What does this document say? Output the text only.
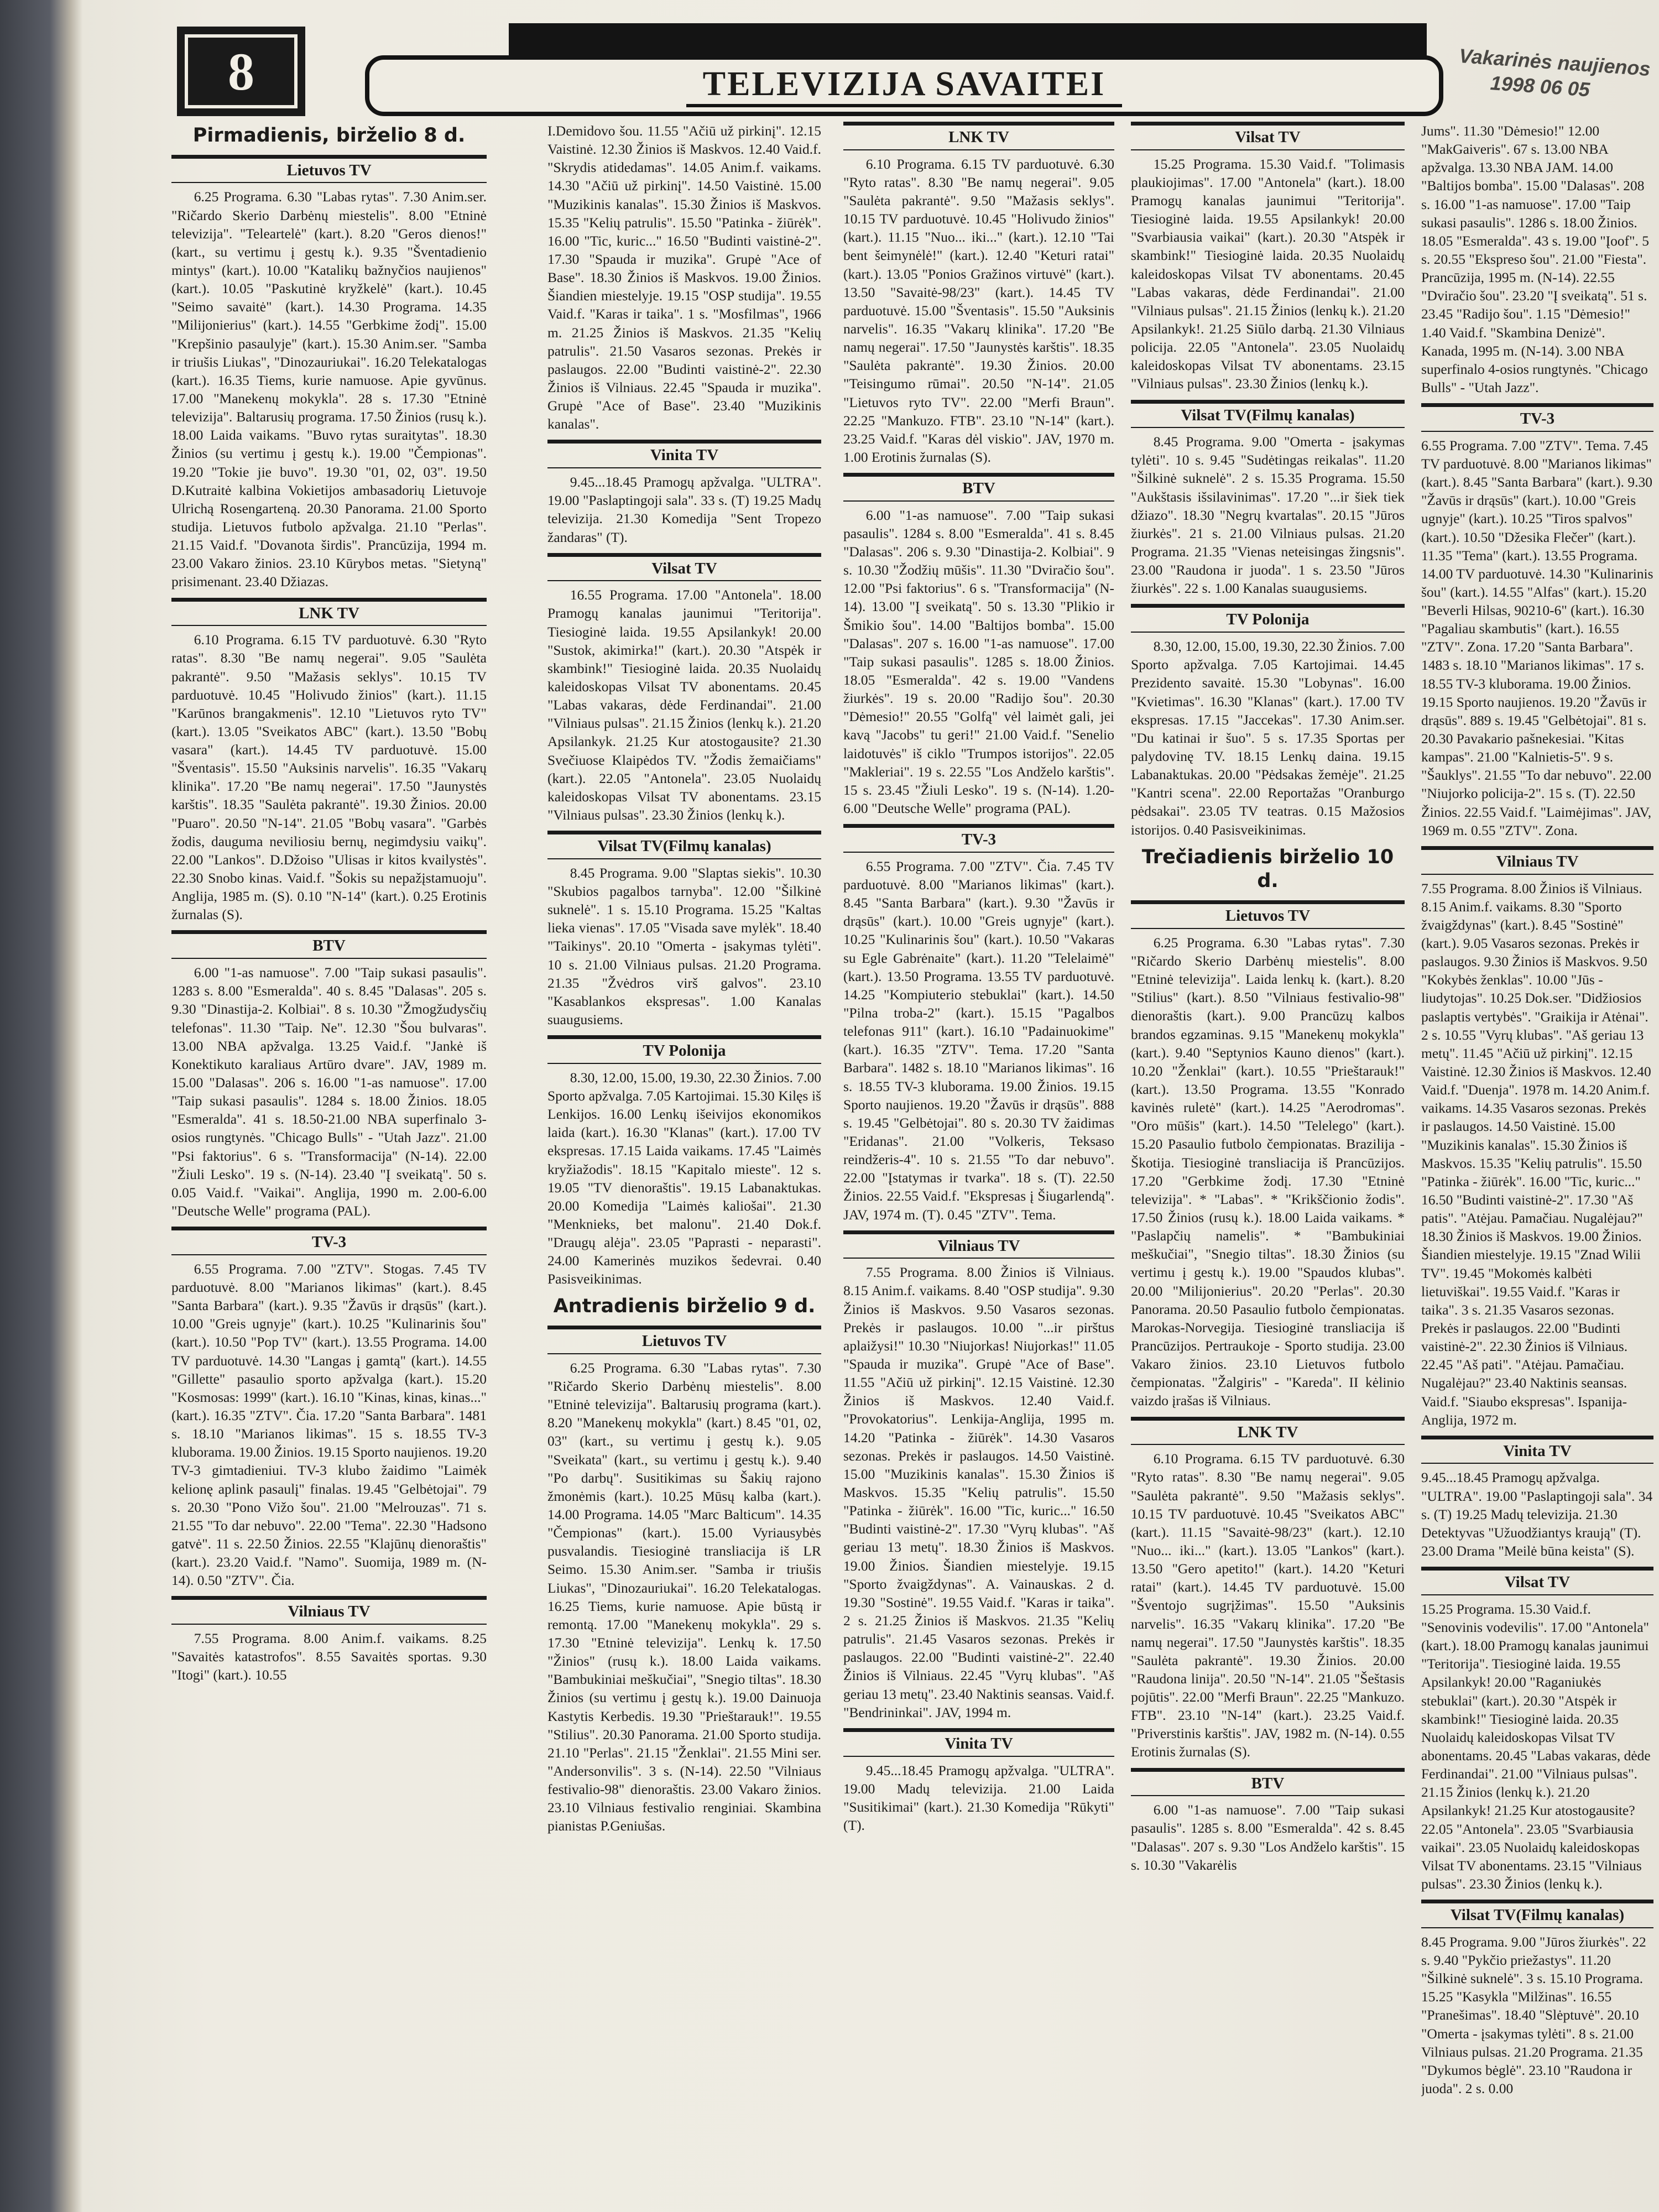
8	TELEVIZIJA SAVAITEI
Vakarinės naujienos
1998 06 05
Pirmadienis, birželio 8 d.
Lietuvos TV

6.25 Programa. 6.30 "Labas rytas". 7.30 Anim.ser. "Ričardo Skerio Darbėnų miestelis". 8.00 "Etninė televizija". "Teleartelė" (kart.). 8.20 "Geros dienos!" (kart., su vertimu į gestų k.). 9.35 "Šventadienio mintys" (kart.). 10.00 "Katalikų bažnyčios naujienos" (kart.). 10.05 "Paskutinė kryžkelė" (kart.). 10.45 "Seimo savaitė" (kart.). 14.30 Programa. 14.35 "Milijonierius" (kart.). 14.55 "Gerbkime žodį". 15.00 "Krepšinio pasaulyje" (kart.). 15.30 Anim.ser. "Samba ir triušis Liukas", "Dinozauriukai". 16.20 Telekatalogas (kart.). 16.35 Tiems, kurie namuose. Apie gyvūnus. 17.00 "Manekenų mokykla". 28 s. 17.30 "Etninė televizija". Baltarusių programa. 17.50 Žinios (rusų k.). 18.00 Laida vaikams. "Buvo rytas suraitytas". 18.30 Žinios (su vertimu į gestų k.). 19.00 "Čempionas". 19.20 "Tokie jie buvo". 19.30 "01, 02, 03". 19.50 D.Kutraitė kalbina Vokietijos ambasadorių Lietuvoje Ulrichą Rosengarteną. 20.30 Panorama. 21.00 Sporto studija. Lietuvos futbolo apžvalga. 21.10 "Perlas". 21.15 Vaid.f. "Dovanota širdis". Prancūzija, 1994 m. 23.00 Vakaro žinios. 23.10 Kūrybos metas. "Sietyną" prisimenant. 23.40 Džiazas.

LNK TV

6.10 Programa. 6.15 TV parduotuvė. 6.30 "Ryto ratas". 8.30 "Be namų negerai". 9.05 "Saulėta pakrantė". 9.50 "Mažasis seklys". 10.15 TV parduotuvė. 10.45 "Holivudo žinios" (kart.). 11.15 "Karūnos brangakmenis". 12.10 "Lietuvos ryto TV" (kart.). 13.05 "Sveikatos ABC" (kart.). 13.50 "Bobų vasara" (kart.). 14.45 TV parduotuvė. 15.00 "Šventasis". 15.50 "Auksinis narvelis". 16.35 "Vakarų klinika". 17.20 "Be namų negerai". 17.50 "Jaunystės karštis". 18.35 "Saulėta pakrantė". 19.30 Žinios. 20.00 "Puaro". 20.50 "N-14". 21.05 "Bobų vasara". "Garbės žodis, dauguma neviliosiu bernų, negimdysiu vaikų". 22.00 "Lankos". D.Džoiso "Ulisas ir kitos kvailystės". 22.30 Snobo kinas. Vaid.f. "Šokis su nepažįstamuoju". Anglija, 1985 m. (S). 0.10 "N-14" (kart.). 0.25 Erotinis žurnalas (S).

BTV

6.00 "1-as namuose". 7.00 "Taip sukasi pasaulis". 1283 s. 8.00 "Esmeralda". 40 s. 8.45 "Dalasas". 205 s. 9.30 "Dinastija-2. Kolbiai". 8 s. 10.30 "Žmogžudysčių telefonas". 11.30 "Taip. Ne". 12.30 "Šou bulvaras". 13.00 NBA apžvalga. 13.25 Vaid.f. "Jankė iš Konektikuto karaliaus Artūro dvare". JAV, 1989 m. 15.00 "Dalasas". 206 s. 16.00 "1-as namuose". 17.00 "Taip sukasi pasaulis". 1284 s. 18.00 Žinios. 18.05 "Esmeralda". 41 s. 18.50-21.00 NBA superfinalo 3-osios rungtynės. "Chicago Bulls" - "Utah Jazz". 21.00 "Psi faktorius". 6 s. "Transformacija" (N-14). 22.00 "Žiuli Lesko". 19 s. (N-14). 23.40 "Į sveikatą". 50 s. 0.05 Vaid.f. "Vaikai". Anglija, 1990 m. 2.00-6.00 "Deutsche Welle" programa (PAL).

TV-3

6.55 Programa. 7.00 "ZTV". Stogas. 7.45 TV parduotuvė. 8.00 "Marianos likimas" (kart.). 8.45 "Santa Barbara" (kart.). 9.35 "Žavūs ir drąsūs" (kart.). 10.00 "Greis ugnyje" (kart.). 10.25 "Kulinarinis šou" (kart.). 10.50 "Pop TV" (kart.). 13.55 Programa. 14.00 TV parduotuvė. 14.30 "Langas į gamtą" (kart.). 14.55 "Gillette" pasaulio sporto apžvalga (kart.). 15.20 "Kosmosas: 1999" (kart.). 16.10 "Kinas, kinas, kinas..." (kart.). 16.35 "ZTV". Čia. 17.20 "Santa Barbara". 1481 s. 18.10 "Marianos likimas". 15 s. 18.55 TV-3 kluboramа. 19.00 Žinios. 19.15 Sporto naujienos. 19.20 TV-3 gimtadieniui. TV-3 klubo žaidimo "Laimėk kelionę aplink pasaulį" finalas. 19.45 "Gelbėtojai". 79 s. 20.30 "Pono Vižo šou". 21.00 "Melrouzas". 71 s. 21.55 "To dar nebuvo". 22.00 "Tema". 22.30 "Hadsono gatvė". 11 s. 22.50 Žinios. 22.55 "Klajūnų dienoraštis" (kart.). 23.20 Vaid.f. "Namo". Suomija, 1989 m. (N-14). 0.50 "ZTV". Čia.

Vilniaus TV

7.55 Programa. 8.00 Anim.f. vaikams. 8.25 "Savaitės katastrofos". 8.55 Savaitės sportas. 9.30 "Itogi" (kart.). 10.55

I.Demidovo šou. 11.55 "Ačiū už pirkinį". 12.15 Vaistinė. 12.30 Žinios iš Maskvos. 12.40 Vaid.f. "Skrydis atidedamas". 14.05 Anim.f. vaikams. 14.30 "Ačiū už pirkinį". 14.50 Vaistinė. 15.00 "Muzikinis kanalas". 15.30 Žinios iš Maskvos. 15.35 "Kelių patrulis". 15.50 "Patinka - žiūrėk". 16.00 "Tic, kuric..." 16.50 "Budinti vaistinė-2". 17.30 "Spauda ir muzika". Grupė "Ace of Base". 18.30 Žinios iš Maskvos. 19.00 Žinios. Šiandien miestelyje. 19.15 "OSP studija". 19.55 Vaid.f. "Karas ir taika". 1 s. "Mosfilmas", 1966 m. 21.25 Žinios iš Maskvos. 21.35 "Kelių patrulis". 21.50 Vasaros sezonas. Prekės ir paslaugos. 22.00 "Budinti vaistinė-2". 22.30 Žinios iš Vilniaus. 22.45 "Spauda ir muzika". Grupė "Ace of Base". 23.40 "Muzikinis kanalas".

Vinita TV

9.45...18.45 Pramogų apžvalga. "ULTRA". 19.00 "Paslaptingoji sala". 33 s. (T) 19.25 Madų televizija. 21.30 Komedija "Sent Tropezo žandaras" (T).

Vilsat TV

16.55 Programa. 17.00 "Antonela". 18.00 Pramogų kanalas jaunimui "Teritorija". Tiesioginė laida. 19.55 Apsilankyk! 20.00 "Sustok, akimirka!" (kart.). 20.30 "Atspėk ir skambink!" Tiesioginė laida. 20.35 Nuolaidų kaleidoskopas Vilsat TV abonentams. 20.45 "Labas vakaras, dėde Ferdinandai". 21.00 "Vilniaus pulsas". 21.15 Žinios (lenkų k.). 21.20 Apsilankyk. 21.25 Kur atostogausite? 21.30 Svečiuose Klaipėdos TV. "Žodis žemaičiams" (kart.). 22.05 "Antonela". 23.05 Nuolaidų kaleidoskopas Vilsat TV abonentams. 23.15 "Vilniaus pulsas". 23.30 Žinios (lenkų k.).

Vilsat TV(Filmų kanalas)

8.45 Programa. 9.00 "Slaptas siekis". 10.30 "Skubios pagalbos tarnyba". 12.00 "Šilkinė suknelė". 1 s. 15.10 Programa. 15.25 "Kaltas lieka vienas". 17.05 "Visada save mylėk". 18.40 "Taikinys". 20.10 "Omerta - įsakymas tylėti". 10 s. 21.00 Vilniaus pulsas. 21.20 Programa. 21.35 "Žvėdros virš galvos". 23.10 "Kasablankos ekspresas". 1.00 Kanalas suaugusiems.

TV Polonija

8.30, 12.00, 15.00, 19.30, 22.30 Žinios. 7.00 Sporto apžvalga. 7.05 Kartojimai. 15.30 Kilęs iš Lenkijos. 16.00 Lenkų išeivijos ekonomikos laida (kart.). 16.30 "Klanas" (kart.). 17.00 TV ekspresas. 17.15 Laida vaikams. 17.45 "Laimės kryžiažodis". 18.15 "Kapitalo mieste". 12 s. 19.05 "TV dienoraštis". 19.15 Labanaktukas. 20.00 Komedija "Laimės kaliošai". 21.30 "Menknieks, bet malonu". 21.40 Dok.f. "Draugų alėja". 23.05 "Paprasti - neparasti". 24.00 Kamerinės muzikos šedevrai. 0.40 Pasisveikinimas.

Antradienis birželio 9 d.
Lietuvos TV

6.25 Programa. 6.30 "Labas rytas". 7.30 "Ričardo Skerio Darbėnų miestelis". 8.00 "Etninė televizija". Baltarusių programa (kart.). 8.20 "Manekenų mokykla" (kart.) 8.45 "01, 02, 03" (kart., su vertimu į gestų k.). 9.05 "Sveikata" (kart., su vertimu į gestų k.). 9.40 "Po darbų". Susitikimas su Šakių rajono žmonėmis (kart.). 10.25 Mūsų kalba (kart.). 14.00 Programa. 14.05 "Marc Balticum". 14.35 "Čempionas" (kart.). 15.00 Vyriausybės pusvalandis. Tiesioginė transliacija iš LR Seimo. 15.30 Anim.ser. "Samba ir triušis Liukas", "Dinozauriukai". 16.20 Telekatalogas. 16.25 Tiems, kurie namuose. Apie būstą ir remontą. 17.00 "Manekenų mokykla". 29 s. 17.30 "Etninė televizija". Lenkų k. 17.50 "Žinios" (rusų k.). 18.00 Laida vaikams. "Bambukiniai meškučiai", "Snegio tiltas". 18.30 Žinios (su vertimu į gestų k.). 19.00 Dainuoja Kastytis Kerbedis. 19.30 "Prieštarauk!". 19.55 "Stilius". 20.30 Panorama. 21.00 Sporto studija. 21.10 "Perlas". 21.15 "Ženklai". 21.55 Mini ser. "Andersonvilis". 3 s. (N-14). 22.50 "Vilniaus festivalio-98" dienoraštis. 23.00 Vakaro žinios. 23.10 Vilniaus festivalio renginiai. Skambina pianistas P.Geniušas.

LNK TV

6.10 Programa. 6.15 TV parduotuvė. 6.30 "Ryto ratas". 8.30 "Be namų negerai". 9.05 "Saulėta pakrantė". 9.50 "Mažasis seklys". 10.15 TV parduotuvė. 10.45 "Holivudo žinios" (kart.). 11.15 "Nuo... iki..." (kart.). 12.10 "Tai bent šeimynėlė!" (kart.). 12.40 "Keturi ratai" (kart.). 13.05 "Ponios Gražinos virtuvė" (kart.). 13.50 "Savaitė-98/23" (kart.). 14.45 TV parduotuvė. 15.00 "Šventasis". 15.50 "Auksinis narvelis". 16.35 "Vakarų klinika". 17.20 "Be namų negerai". 17.50 "Jaunystės karštis". 18.35 "Saulėta pakrantė". 19.30 Žinios. 20.00 "Teisingumo rūmai". 20.50 "N-14". 21.05 "Lietuvos ryto TV". 22.00 "Merfi Braun". 22.25 "Mankuzo. FTB". 23.10 "N-14" (kart.). 23.25 Vaid.f. "Karas dėl viskio". JAV, 1970 m. 1.00 Erotinis žurnalas (S).

BTV

6.00 "1-as namuose". 7.00 "Taip sukasi pasaulis". 1284 s. 8.00 "Esmeralda". 41 s. 8.45 "Dalasas". 206 s. 9.30 "Dinastija-2. Kolbiai". 9 s. 10.30 "Žodžių mūšis". 11.30 "Dviračio šou". 12.00 "Psi faktorius". 6 s. "Transformacija" (N-14). 13.00 "Į sveikatą". 50 s. 13.30 "Plikio ir Šmikio šou". 14.00 "Baltijos bomba". 15.00 "Dalasas". 207 s. 16.00 "1-as namuose". 17.00 "Taip sukasi pasaulis". 1285 s. 18.00 Žinios. 18.05 "Esmeralda". 42 s. 19.00 "Vandens žiurkės". 19 s. 20.00 "Radijo šou". 20.30 "Dėmesio!" 20.55 "Golfą" vėl laimėt gali, jei kavą "Jacobs" tu geri!" 21.00 Vaid.f. "Senelio laidotuvės" iš ciklo "Trumpos istorijos". 22.05 "Makleriai". 19 s. 22.55 "Los Andželo karštis". 15 s. 23.45 "Žiuli Lesko". 19 s. (N-14). 1.20-6.00 "Deutsche Welle" programa (PAL).

TV-3

6.55 Programa. 7.00 "ZTV". Čia. 7.45 TV parduotuvė. 8.00 "Marianos likimas" (kart.). 8.45 "Santa Barbara" (kart.). 9.30 "Žavūs ir drąsūs" (kart.). 10.00 "Greis ugnyje" (kart.). 10.25 "Kulinarinis šou" (kart.). 10.50 "Vakaras su Egle Gabrėnaite" (kart.). 11.20 "Telelaimė" (kart.). 13.50 Programa. 13.55 TV parduotuvė. 14.25 "Kompiuterio stebuklai" (kart.). 14.50 "Pilna troba-2" (kart.). 15.15 "Pagalbos telefonas 911" (kart.). 16.10 "Padainuokime" (kart.). 16.35 "ZTV". Tema. 17.20 "Santa Barbara". 1482 s. 18.10 "Marianos likimas". 16 s. 18.55 TV-3 kluborama. 19.00 Žinios. 19.15 Sporto naujienos. 19.20 "Žavūs ir drąsūs". 888 s. 19.45 "Gelbėtojai". 80 s. 20.30 TV žaidimas "Eridanas". 21.00 "Volkeris, Teksaso reindžeris-4". 10 s. 21.55 "To dar nebuvo". 22.00 "Įstatymas ir tvarka". 18 s. (T). 22.50 Žinios. 22.55 Vaid.f. "Ekspresas į Šiugarlendą". JAV, 1974 m. (T). 0.45 "ZTV". Tema.

Vilniaus TV

7.55 Programa. 8.00 Žinios iš Vilniaus. 8.15 Anim.f. vaikams. 8.40 "OSP studija". 9.30 Žinios iš Maskvos. 9.50 Vasaros sezonas. Prekės ir paslaugos. 10.00 "...ir pirštus aplaižysi!" 10.30 "Niujorkas! Niujorkas!" 11.05 "Spauda ir muzika". Grupė "Ace of Base". 11.55 "Ačiū už pirkinį". 12.15 Vaistinė. 12.30 Žinios iš Maskvos. 12.40 Vaid.f. "Provokatorius". Lenkija-Anglija, 1995 m. 14.20 "Patinka - žiūrėk". 14.30 Vasaros sezonas. Prekės ir paslaugos. 14.50 Vaistinė. 15.00 "Muzikinis kanalas". 15.30 Žinios iš Maskvos. 15.35 "Kelių patrulis". 15.50 "Patinka - žiūrėk". 16.00 "Tic, kuric..." 16.50 "Budinti vaistinė-2". 17.30 "Vyrų klubas". "Aš geriau 13 metų". 18.30 Žinios iš Maskvos. 19.00 Žinios. Šiandien miestelyje. 19.15 "Sporto žvaigždynas". A. Vainauskas. 2 d. 19.30 "Sostinė". 19.55 Vaid.f. "Karas ir taika". 2 s. 21.25 Žinios iš Maskvos. 21.35 "Kelių patrulis". 21.45 Vasaros sezonas. Prekės ir paslaugos. 22.00 "Budinti vaistinė-2". 22.40 Žinios iš Vilniaus. 22.45 "Vyrų klubas". "Aš geriau 13 metų". 23.40 Naktinis seansas. Vaid.f. "Bendrininkai". JAV, 1994 m.

Vinita TV

9.45...18.45 Pramogų apžvalga. "ULTRA". 19.00 Madų televizija. 21.00 Laida "Susitikimai" (kart.). 21.30 Komedija "Rūkyti" (T).

Vilsat TV

15.25 Programa. 15.30 Vaid.f. "Tolimasis plaukiojimas". 17.00 "Antonela" (kart.). 18.00 Pramogų kanalas jaunimui "Teritorija". Tiesioginė laida. 19.55 Apsilankyk! 20.00 "Svarbiausia vaikai" (kart.). 20.30 "Atspėk ir skambink!" Tiesioginė laida. 20.35 Nuolaidų kaleidoskopas Vilsat TV abonentams. 20.45 "Labas vakaras, dėde Ferdinandai". 21.00 "Vilniaus pulsas". 21.15 Žinios (lenkų k.). 21.20 Apsilankyk!. 21.25 Siūlo darbą. 21.30 Vilniaus policija. 22.05 "Antonela". 23.05 Nuolaidų kaleidoskopas Vilsat TV abonentams. 23.15 "Vilniaus pulsas". 23.30 Žinios (lenkų k.).

Vilsat TV(Filmų kanalas)

8.45 Programa. 9.00 "Omerta - įsakymas tylėti". 10 s. 9.45 "Sudėtingas reikalas". 11.20 "Šilkinė suknelė". 2 s. 15.35 Programa. 15.50 "Aukštasis išsilavinimas". 17.20 "...ir šiek tiek džiazo". 18.30 "Negrų kvartalas". 20.15 "Jūros žiurkės". 21 s. 21.00 Vilniaus pulsas. 21.20 Programa. 21.35 "Vienas neteisingas žingsnis". 23.00 "Raudona ir juoda". 1 s. 23.50 "Jūros žiurkės". 22 s. 1.00 Kanalas suaugusiems.

TV Polonija

8.30, 12.00, 15.00, 19.30, 22.30 Žinios. 7.00 Sporto apžvalga. 7.05 Kartojimai. 14.45 Prezidento savaitė. 15.30 "Lobynas". 16.00 "Kvietimas". 16.30 "Klanas" (kart.). 17.00 TV ekspresas. 17.15 "Jaccekas". 17.30 Anim.ser. "Du katinai ir šuo". 5 s. 17.35 Sportas per palydovinę TV. 18.15 Lenkų daina. 19.15 Labanaktukas. 20.00 "Pėdsakas žemėje". 21.25 "Kantri scena". 22.00 Reportažas "Oranburgo pėdsakai". 23.05 TV teatras. 0.15 Mažosios istorijos. 0.40 Pasisveikinimas.

Trečiadienis birželio 10 d.
Lietuvos TV

6.25 Programa. 6.30 "Labas rytas". 7.30 "Ričardo Skerio Darbėnų miestelis". 8.00 "Etninė televizija". Laida lenkų k. (kart.). 8.20 "Stilius" (kart.). 8.50 "Vilniaus festivalio-98" dienoraštis (kart.). 9.00 Prancūzų kalbos brandos egzaminas. 9.15 "Manekenų mokykla" (kart.). 9.40 "Septynios Kauno dienos" (kart.). 10.20 "Ženklai" (kart.). 10.55 "Prieštarauk!" (kart.). 13.50 Programa. 13.55 "Konrado kavinės ruletė" (kart.). 14.25 "Aerodromas". "Oro mūšis" (kart.). 14.50 "Telelego" (kart.). 15.20 Pasaulio futbolo čempionatas. Brazilija - Škotija. Tiesioginė transliacija iš Prancūzijos. 17.20 "Gerbkime žodį. 17.30 "Etninė televizija". * "Labas". * "Krikščionio žodis". 17.50 Žinios (rusų k.). 18.00 Laida vaikams. * "Paslapčių namelis". * "Bambukiniai meškučiai", "Snegio tiltas". 18.30 Žinios (su vertimu į gestų k.). 19.00 "Spaudos klubas". 20.00 "Milijonierius". 20.20 "Perlas". 20.30 Panorama. 20.50 Pasaulio futbolo čempionatas. Marokas-Norvegija. Tiesioginė transliacija iš Prancūzijos. Pertraukoje - Sporto studija. 23.00 Vakaro žinios. 23.10 Lietuvos futbolo čempionatas. "Žalgiris" - "Kareda". II kėlinio vaizdo įrašas iš Vilniaus.

LNK TV

6.10 Programa. 6.15 TV parduotuvė. 6.30 "Ryto ratas". 8.30 "Be namų negerai". 9.05 "Saulėta pakrantė". 9.50 "Mažasis seklys". 10.15 TV parduotuvė. 10.45 "Sveikatos ABC" (kart.). 11.15 "Savaitė-98/23" (kart.). 12.10 "Nuo... iki..." (kart.). 13.05 "Lankos" (kart.). 13.50 "Gero apetito!" (kart.). 14.20 "Keturi ratai" (kart.). 14.45 TV parduotuvė. 15.00 "Šventojo sugrįžimas". 15.50 "Auksinis narvelis". 16.35 "Vakarų klinika". 17.20 "Be namų negerai". 17.50 "Jaunystės karštis". 18.35 "Saulėta pakrantė". 19.30 Žinios. 20.00 "Raudona linija". 20.50 "N-14". 21.05 "Šeštasis pojūtis". 22.00 "Merfi Braun". 22.25 "Mankuzo. FTB". 23.10 "N-14" (kart.). 23.25 Vaid.f. "Priverstinis karštis". JAV, 1982 m. (N-14). 0.55 Erotinis žurnalas (S).

BTV

6.00 "1-as namuose". 7.00 "Taip sukasi pasaulis". 1285 s. 8.00 "Esmeralda". 42 s. 8.45 "Dalasas". 207 s. 9.30 "Los Andželo karštis". 15 s. 10.30 "Vakarėlis

Jums". 11.30 "Dėmesio!" 12.00 "MakGaiveris". 67 s. 13.00 NBA apžvalga. 13.30 NBA JAM. 14.00 "Baltijos bomba". 15.00 "Dalasas". 208 s. 16.00 "1-as namuose". 17.00 "Taip sukasi pasaulis". 1286 s. 18.00 Žinios. 18.05 "Esmeralda". 43 s. 19.00 "Įoof". 5 s. 20.55 "Ekspreso šou". 21.00 "Fiesta". Prancūzija, 1995 m. (N-14). 22.55 "Dviračio šou". 23.20 "Į sveikatą". 51 s. 23.45 "Radijo šou". 1.15 "Dėmesio!" 1.40 Vaid.f. "Skambina Denizė". Kanada, 1995 m. (N-14). 3.00 NBA superfinalo 4-osios rungtynės. "Chicago Bulls" - "Utah Jazz".

TV-3

6.55 Programa. 7.00 "ZTV". Tema. 7.45 TV parduotuvė. 8.00 "Marianos likimas" (kart.). 8.45 "Santa Barbara" (kart.). 9.30 "Žavūs ir drąsūs" (kart.). 10.00 "Greis ugnyje" (kart.). 10.25 "Tiros spalvos" (kart.). 10.50 "Džesika Flečer" (kart.). 11.35 "Tema" (kart.). 13.55 Programa. 14.00 TV parduotuvė. 14.30 "Kulinarinis šou" (kart.). 14.55 "Alfas" (kart.). 15.20 "Beverli Hilsas, 90210-6" (kart.). 16.30 "Pagaliau skambutis" (kart.). 16.55 "ZTV". Zona. 17.20 "Santa Barbara". 1483 s. 18.10 "Marianos likimas". 17 s. 18.55 TV-3 kluborama. 19.00 Žinios. 19.15 Sporto naujienos. 19.20 "Žavūs ir drąsūs". 889 s. 19.45 "Gelbėtojai". 81 s. 20.30 Pavakario pašnekesiai. "Kitas kampas". 21.00 "Kalnietis-5". 9 s. "Šauklys". 21.55 "To dar nebuvo". 22.00 "Niujorko policija-2". 15 s. (T). 22.50 Žinios. 22.55 Vaid.f. "Laimėjimas". JAV, 1969 m. 0.55 "ZTV". Zona.

Vilniaus TV

7.55 Programa. 8.00 Žinios iš Vilniaus. 8.15 Anim.f. vaikams. 8.30 "Sporto žvaigždynas" (kart.). 8.45 "Sostinė" (kart.). 9.05 Vasaros sezonas. Prekės ir paslaugos. 9.30 Žinios iš Maskvos. 9.50 "Kokybės ženklas". 10.00 "Jūs - liudytojas". 10.25 Dok.ser. "Didžiosios paslaptis vertybės". "Graikija ir Atėnai". 2 s. 10.55 "Vyrų klubas". "Aš geriau 13 metų". 11.45 "Ačiū už pirkinį". 12.15 Vaistinė. 12.30 Žinios iš Maskvos. 12.40 Vaid.f. "Duenja". 1978 m. 14.20 Anim.f. vaikams. 14.35 Vasaros sezonas. Prekės ir paslaugos. 14.50 Vaistinė. 15.00 "Muzikinis kanalas". 15.30 Žinios iš Maskvos. 15.35 "Kelių patrulis". 15.50 "Patinka - žiūrėk". 16.00 "Tic, kuric..." 16.50 "Budinti vaistinė-2". 17.30 "Aš patis". "Atėjau. Pamačiau. Nugalėjau?" 18.30 Žinios iš Maskvos. 19.00 Žinios. Šiandien miestelyje. 19.15 "Znad Wilii TV". 19.45 "Mokomės kalbėti lietuviškai". 19.55 Vaid.f. "Karas ir taika". 3 s. 21.35 Vasaros sezonas. Prekės ir paslaugos. 22.00 "Budinti vaistinė-2". 22.30 Žinios iš Vilniaus. 22.45 "Aš pati". "Atėjau. Pamačiau. Nugalėjau?" 23.40 Naktinis seansas. Vaid.f. "Siaubo ekspresas". Ispanija-Anglija, 1972 m.

Vinita TV

9.45...18.45 Pramogų apžvalga. "ULTRA". 19.00 "Paslaptingoji sala". 34 s. (T) 19.25 Madų televizija. 21.30 Detektyvas "Užuodžiantys kraują" (T). 23.00 Drama "Meilė būna keista" (S).

Vilsat TV

15.25 Programa. 15.30 Vaid.f. "Senovinis vodevilis". 17.00 "Antonela" (kart.). 18.00 Pramogų kanalas jaunimui "Teritorija". Tiesioginė laida. 19.55 Apsilankyk! 20.00 "Raganiukės stebuklai" (kart.). 20.30 "Atspėk ir skambink!" Tiesioginė laida. 20.35 Nuolaidų kaleidoskopas Vilsat TV abonentams. 20.45 "Labas vakaras, dėde Ferdinandai". 21.00 "Vilniaus pulsas". 21.15 Žinios (lenkų k.). 21.20 Apsilankyk! 21.25 Kur atostogausite? 22.05 "Antonela". 23.05 "Svarbiausia vaikai". 23.05 Nuolaidų kaleidoskopas Vilsat TV abonentams. 23.15 "Vilniaus pulsas". 23.30 Žinios (lenkų k.).

Vilsat TV(Filmų kanalas)

8.45 Programa. 9.00 "Jūros žiurkės". 22 s. 9.40 "Pykčio priežastys". 11.20 "Šilkinė suknelė". 3 s. 15.10 Programa. 15.25 "Kasyklа "Milžinas". 16.55 "Pranešimas". 18.40 "Slėptuvė". 20.10 "Omerta - įsakymas tylėti". 8 s. 21.00 Vilniaus pulsas. 21.20 Programa. 21.35 "Dykumos bėglė". 23.10 "Raudona ir juoda". 2 s. 0.00
